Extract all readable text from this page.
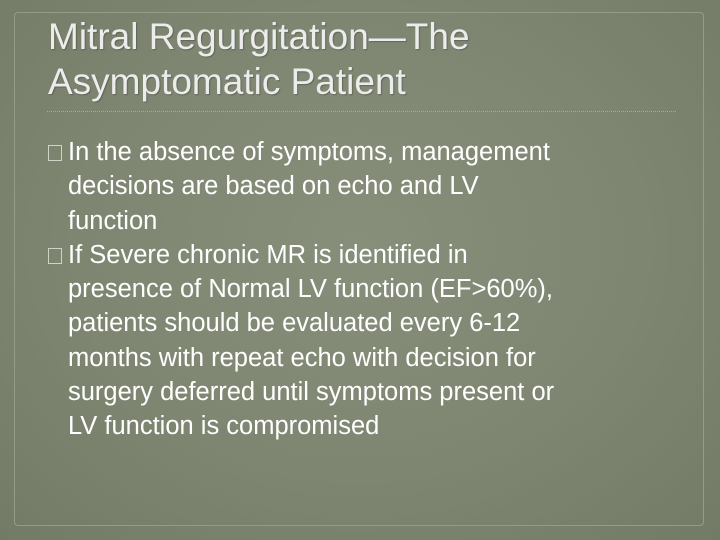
Mitral Regurgitation—The
Asymptomatic Patient
In the absence of symptoms, management
decisions are based on echo and LV
function
If Severe chronic MR is identified in
presence of Normal LV function (EF>60%),
patients should be evaluated every 6-12
months with repeat echo with decision for
surgery deferred until symptoms present or
LV function is compromised
